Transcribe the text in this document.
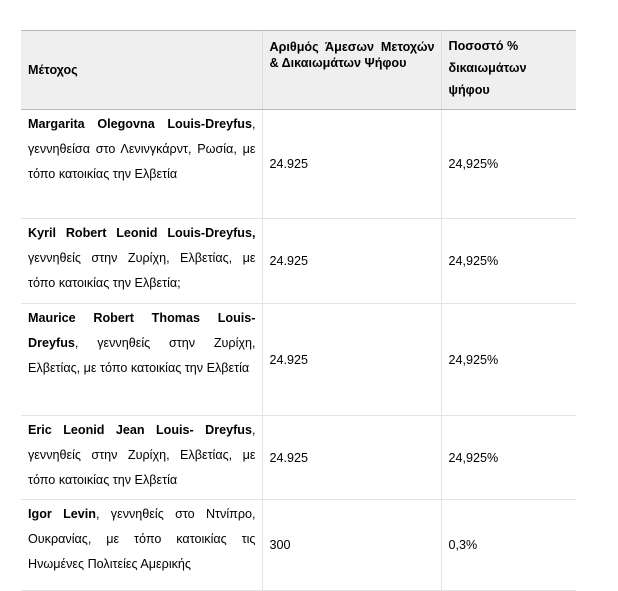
Μέτοχος	Αριθμός Άμεσων Μετοχών & Δικαιωμάτων Ψήφου	Ποσοστό % δικαιωμάτων ψήφου
Margarita Olegovna Louis-Dreyfus, γεννηθείσα στο Λενινγκάρντ, Ρωσία, με τόπο κατοικίας την Ελβετία	24.925	24,925%
Kyril Robert Leonid Louis-Dreyfus, γεννηθείς στην Ζυρίχη, Ελβετίας, με τόπο κατοικίας την Ελβετία;	24.925	24,925%
Maurice Robert Thomas Louis-Dreyfus, γεννηθείς στην Ζυρίχη, Ελβετίας, με τόπο κατοικίας την Ελβετία	24.925	24,925%
Eric Leonid Jean Louis- Dreyfus, γεννηθείς στην Ζυρίχη, Ελβετίας, με τόπο κατοικίας την Ελβετία	24.925	24,925%
Igor Levin, γεννηθείς στο Ντνίπρο, Ουκρανίας, με τόπο κατοικίας τις Ηνωμένες Πολιτείες Αμερικής	300	0,3%
